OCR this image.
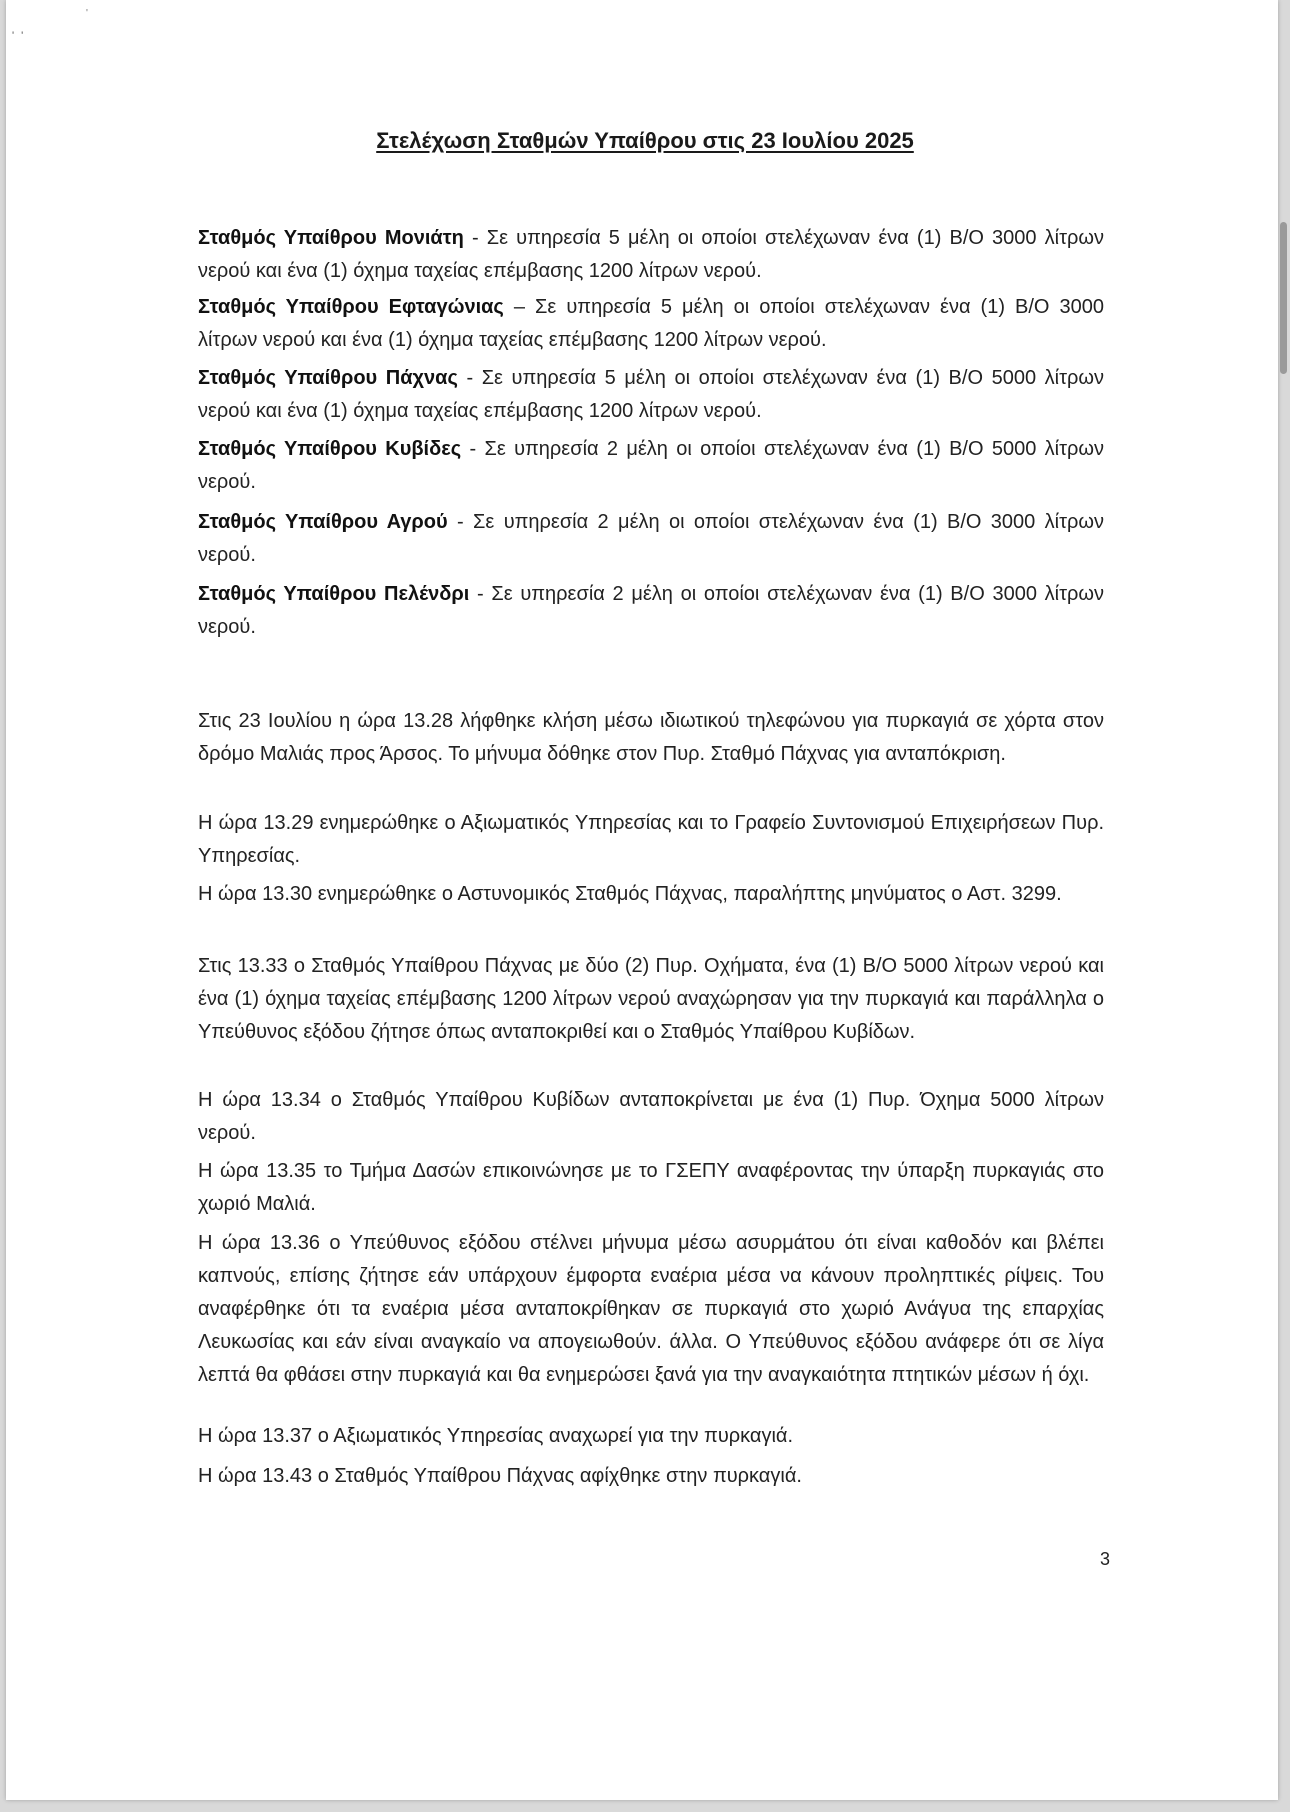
' '
'
Στελέχωση Σταθμών Υπαίθρου στις 23 Ιουλίου 2025
Σταθμός Υπαίθρου Μονιάτη - Σε υπηρεσία 5 μέλη οι οποίοι στελέχωναν ένα (1) Β/Ο 3000 λίτρων νερού και ένα (1) όχημα ταχείας επέμβασης 1200 λίτρων νερού.
Σταθμός Υπαίθρου Εφταγώνιας – Σε υπηρεσία 5 μέλη οι οποίοι στελέχωναν ένα (1) Β/Ο 3000 λίτρων νερού και ένα (1) όχημα ταχείας επέμβασης 1200 λίτρων νερού.
Σταθμός Υπαίθρου Πάχνας - Σε υπηρεσία 5 μέλη οι οποίοι στελέχωναν ένα (1) Β/Ο 5000 λίτρων νερού και ένα (1) όχημα ταχείας επέμβασης 1200 λίτρων νερού.
Σταθμός Υπαίθρου Κυβίδες - Σε υπηρεσία 2 μέλη οι οποίοι στελέχωναν ένα (1) Β/Ο 5000 λίτρων νερού.
Σταθμός Υπαίθρου Αγρού - Σε υπηρεσία 2 μέλη οι οποίοι στελέχωναν ένα (1) Β/Ο 3000 λίτρων νερού.
Σταθμός Υπαίθρου Πελένδρι - Σε υπηρεσία 2 μέλη οι οποίοι στελέχωναν ένα (1) Β/Ο 3000 λίτρων νερού.
Στις 23 Ιουλίου η ώρα 13.28 λήφθηκε κλήση μέσω ιδιωτικού τηλεφώνου για πυρκαγιά σε χόρτα στον δρόμο Μαλιάς προς Άρσος. Το μήνυμα δόθηκε στον Πυρ. Σταθμό Πάχνας για ανταπόκριση.
Η ώρα 13.29 ενημερώθηκε ο Αξιωματικός Υπηρεσίας και το Γραφείο Συντονισμού Επιχειρήσεων Πυρ. Υπηρεσίας.
Η ώρα 13.30 ενημερώθηκε ο Αστυνομικός Σταθμός Πάχνας, παραλήπτης μηνύματος ο Αστ. 3299.
Στις 13.33 ο Σταθμός Υπαίθρου Πάχνας με δύο (2) Πυρ. Οχήματα, ένα (1) Β/Ο 5000 λίτρων νερού και ένα (1) όχημα ταχείας επέμβασης 1200 λίτρων νερού αναχώρησαν για την πυρκαγιά και παράλληλα ο Υπεύθυνος εξόδου ζήτησε όπως ανταποκριθεί και ο Σταθμός Υπαίθρου Κυβίδων.
Η ώρα 13.34 ο Σταθμός Υπαίθρου Κυβίδων ανταποκρίνεται με ένα (1) Πυρ. Όχημα 5000 λίτρων νερού.
Η ώρα 13.35 το Τμήμα Δασών επικοινώνησε με το ΓΣΕΠΥ αναφέροντας την ύπαρξη πυρκαγιάς στο χωριό Μαλιά.
Η ώρα 13.36 ο Υπεύθυνος εξόδου στέλνει μήνυμα μέσω ασυρμάτου ότι είναι καθοδόν και βλέπει καπνούς, επίσης ζήτησε εάν υπάρχουν έμφορτα εναέρια μέσα να κάνουν προληπτικές ρίψεις. Του αναφέρθηκε ότι τα εναέρια μέσα ανταποκρίθηκαν σε πυρκαγιά στο χωριό Ανάγυα της επαρχίας Λευκωσίας και εάν είναι αναγκαίο να απογειωθούν. άλλα. Ο Υπεύθυνος εξόδου ανάφερε ότι σε λίγα λεπτά θα φθάσει στην πυρκαγιά και θα ενημερώσει ξανά για την αναγκαιότητα πτητικών μέσων ή όχι.
Η ώρα 13.37 ο Αξιωματικός Υπηρεσίας αναχωρεί για την πυρκαγιά.
Η ώρα 13.43 ο Σταθμός Υπαίθρου Πάχνας αφίχθηκε στην πυρκαγιά.
3
